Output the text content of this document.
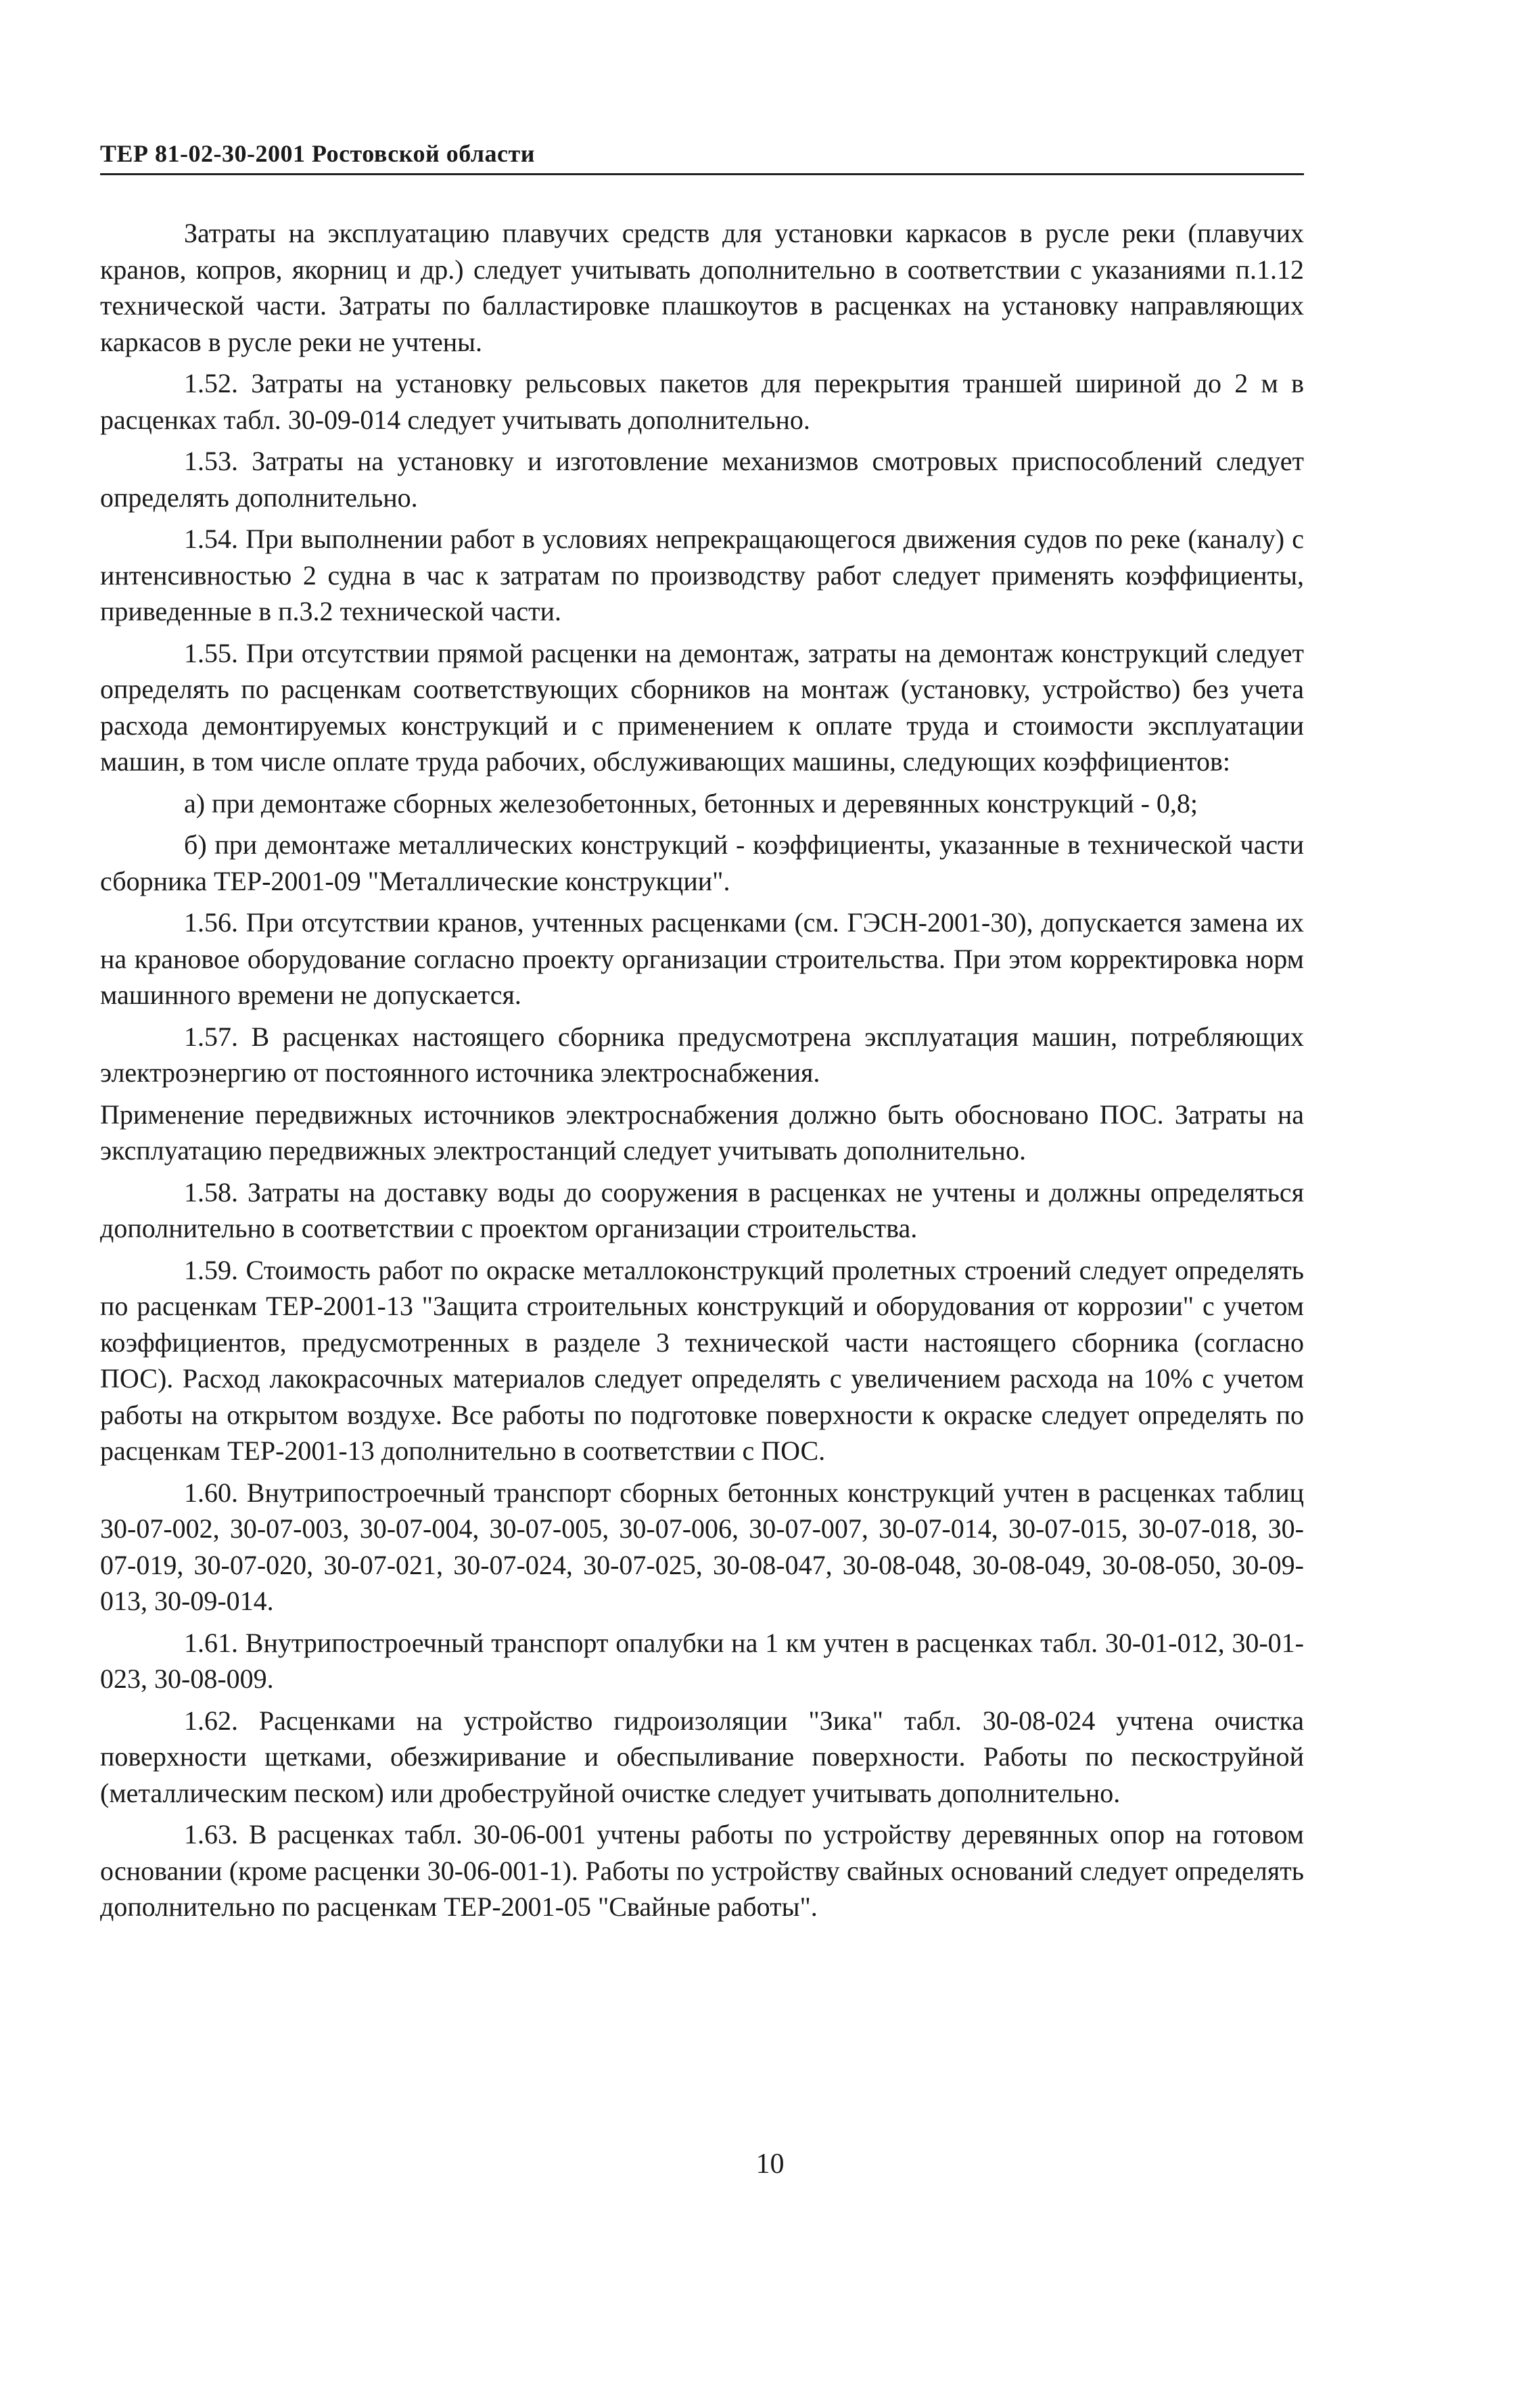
ТЕР 81-02-30-2001 Ростовской области

Затраты на эксплуатацию плавучих средств для установки каркасов в русле реки (плавучих кранов, копров, якорниц и др.) следует учитывать дополнительно в соответствии с указаниями п.1.12 технической части. Затраты по балластировке плашкоутов в расценках на установку направляющих каркасов в русле реки не учтены.

1.52. Затраты на установку рельсовых пакетов для перекрытия траншей шириной до 2 м в расценках табл. 30-09-014 следует учитывать дополнительно.

1.53. Затраты на установку и изготовление механизмов смотровых приспособлений следует определять дополнительно.

1.54. При выполнении работ в условиях непрекращающегося движения судов по реке (каналу) с интенсивностью 2 судна в час к затратам по производству работ следует применять коэффициенты, приведенные в п.3.2 технической части.

1.55. При отсутствии прямой расценки на демонтаж, затраты на демонтаж конструкций следует определять по расценкам соответствующих сборников на монтаж (установку, устройство) без учета расхода демонтируемых конструкций и с применением к оплате труда и стоимости эксплуатации машин, в том числе оплате труда рабочих, обслуживающих машины, следующих коэффициентов:

а) при демонтаже сборных железобетонных, бетонных и деревянных конструкций - 0,8;

б) при демонтаже металлических конструкций - коэффициенты, указанные в технической части сборника ТЕР-2001-09 "Металлические конструкции".

1.56. При отсутствии кранов, учтенных расценками (см. ГЭСН-2001-30), допускается замена их на крановое оборудование согласно проекту организации строительства. При этом корректировка норм машинного времени не допускается.

1.57. В расценках настоящего сборника предусмотрена эксплуатация машин, потребляющих электроэнергию от постоянного источника электроснабжения.

Применение передвижных источников электроснабжения должно быть обосновано ПОС. Затраты на эксплуатацию передвижных электростанций следует учитывать дополнительно.

1.58. Затраты на доставку воды до сооружения в расценках не учтены и должны определяться дополнительно в соответствии с проектом организации строительства.

1.59. Стоимость работ по окраске металлоконструкций пролетных строений следует определять по расценкам ТЕР-2001-13 "Защита строительных конструкций и оборудования от коррозии" с учетом коэффициентов, предусмотренных в разделе 3 технической части настоящего сборника (согласно ПОС). Расход лакокрасочных материалов следует определять с увеличением расхода на 10% с учетом работы на открытом воздухе. Все работы по подготовке поверхности к окраске следует определять по расценкам ТЕР-2001-13 дополнительно в соответствии с ПОС.

1.60. Внутрипостроечный транспорт сборных бетонных конструкций учтен в расценках таблиц 30-07-002, 30-07-003, 30-07-004, 30-07-005, 30-07-006, 30-07-007, 30-07-014, 30-07-015, 30-07-018, 30-07-019, 30-07-020, 30-07-021, 30-07-024, 30-07-025, 30-08-047, 30-08-048, 30-08-049, 30-08-050, 30-09-013, 30-09-014.

1.61. Внутрипостроечный транспорт опалубки на 1 км учтен в расценках табл. 30-01-012, 30-01-023, 30-08-009.

1.62. Расценками на устройство гидроизоляции "Зика" табл. 30-08-024 учтена очистка поверхности щетками, обезжиривание и обеспыливание поверхности. Работы по пескоструйной (металлическим песком) или дробеструйной очистке следует учитывать дополнительно.

1.63. В расценках табл. 30-06-001 учтены работы по устройству деревянных опор на готовом основании (кроме расценки 30-06-001-1). Работы по устройству свайных оснований следует определять дополнительно по расценкам ТЕР-2001-05 "Свайные работы".

10
